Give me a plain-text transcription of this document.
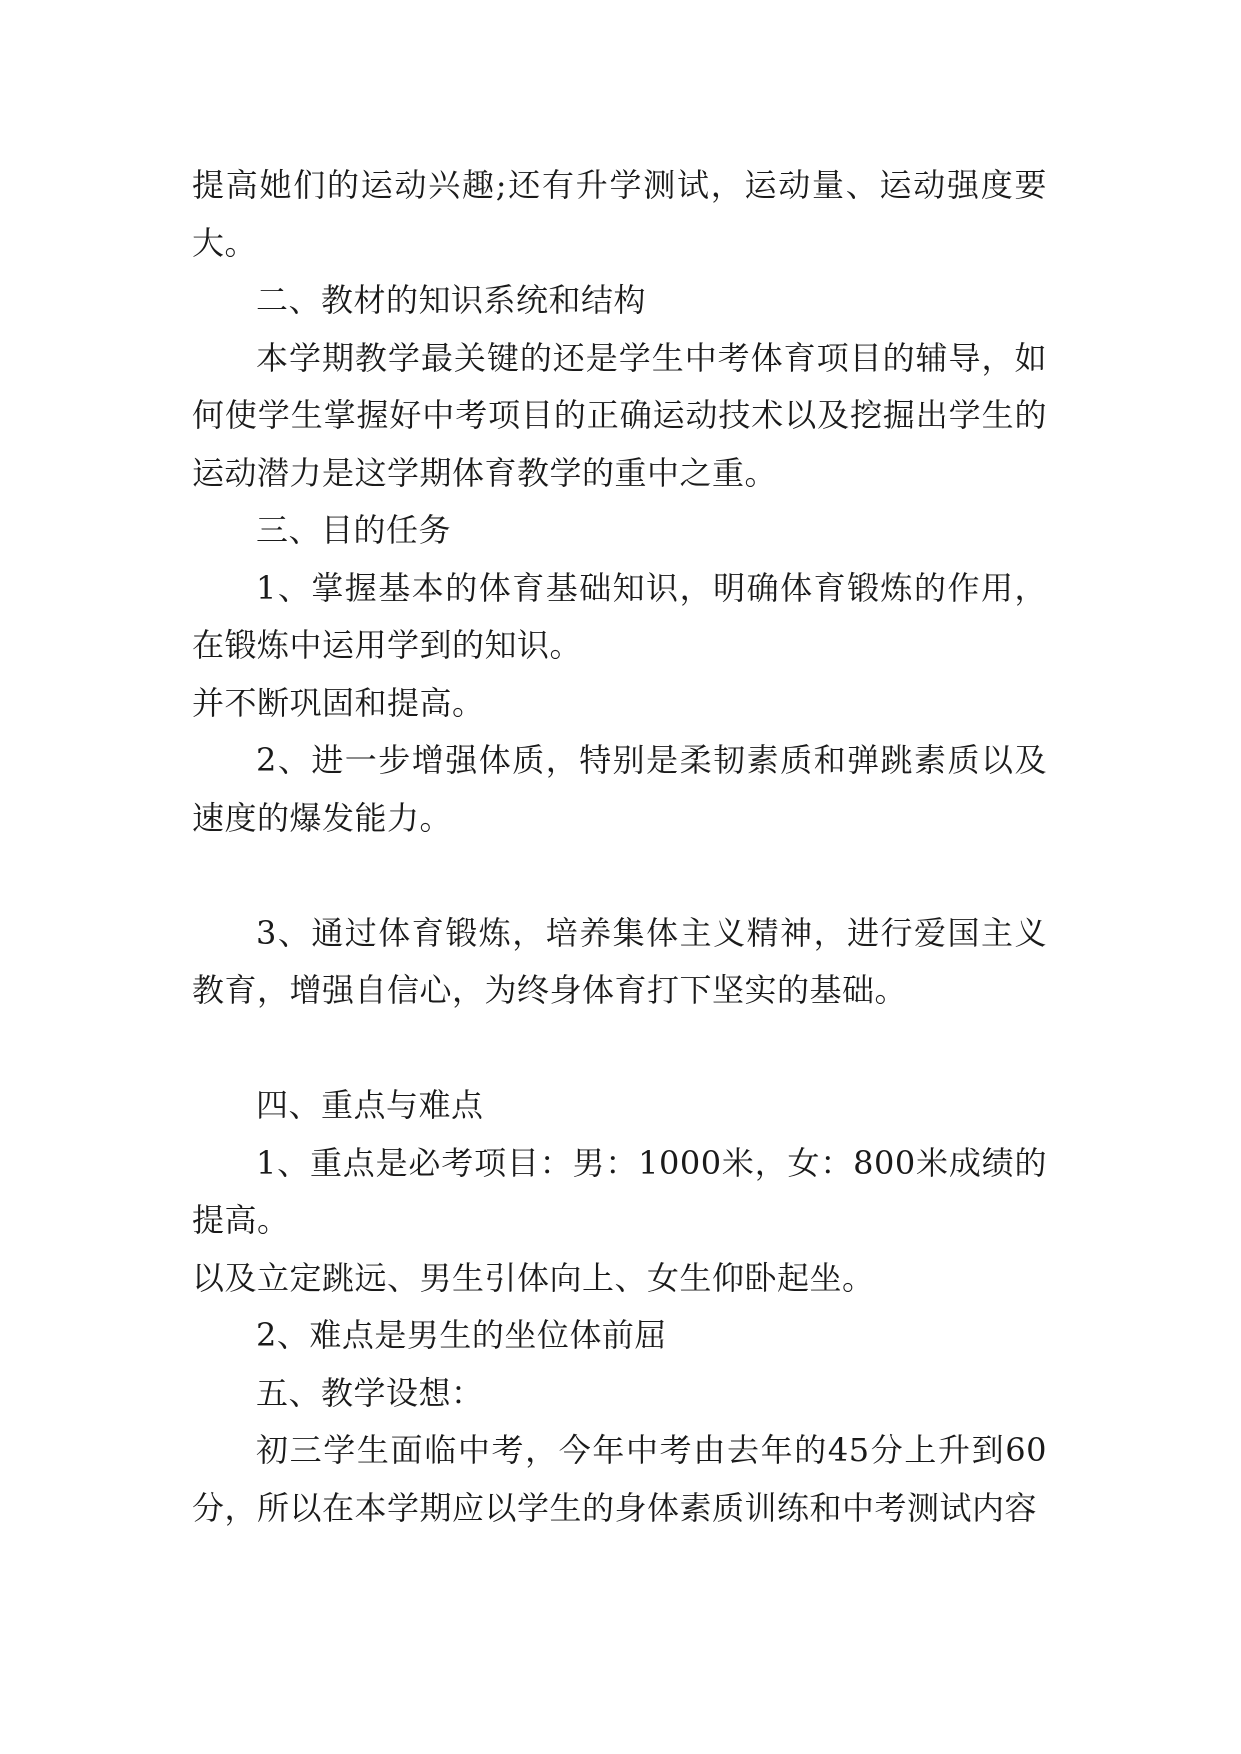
提高她们的运动兴趣;还有升学测试，运动量、运动强度要大。

二、教材的知识系统和结构

本学期教学最关键的还是学生中考体育项目的辅导，如何使学生掌握好中考项目的正确运动技术以及挖掘出学生的运动潜力是这学期体育教学的重中之重。

三、目的任务

1、掌握基本的体育基础知识，明确体育锻炼的作用，在锻炼中运用学到的知识。

并不断巩固和提高。

2、进一步增强体质，特别是柔韧素质和弹跳素质以及速度的爆发能力。

3、通过体育锻炼，培养集体主义精神，进行爱国主义教育，增强自信心，为终身体育打下坚实的基础。

四、重点与难点

1、重点是必考项目：男：1000米，女：800米成绩的提高。

以及立定跳远、男生引体向上、女生仰卧起坐。

2、难点是男生的坐位体前屈

五、教学设想：

初三学生面临中考，今年中考由去年的45分上升到60分，所以在本学期应以学生的身体素质训练和中考测试内容
